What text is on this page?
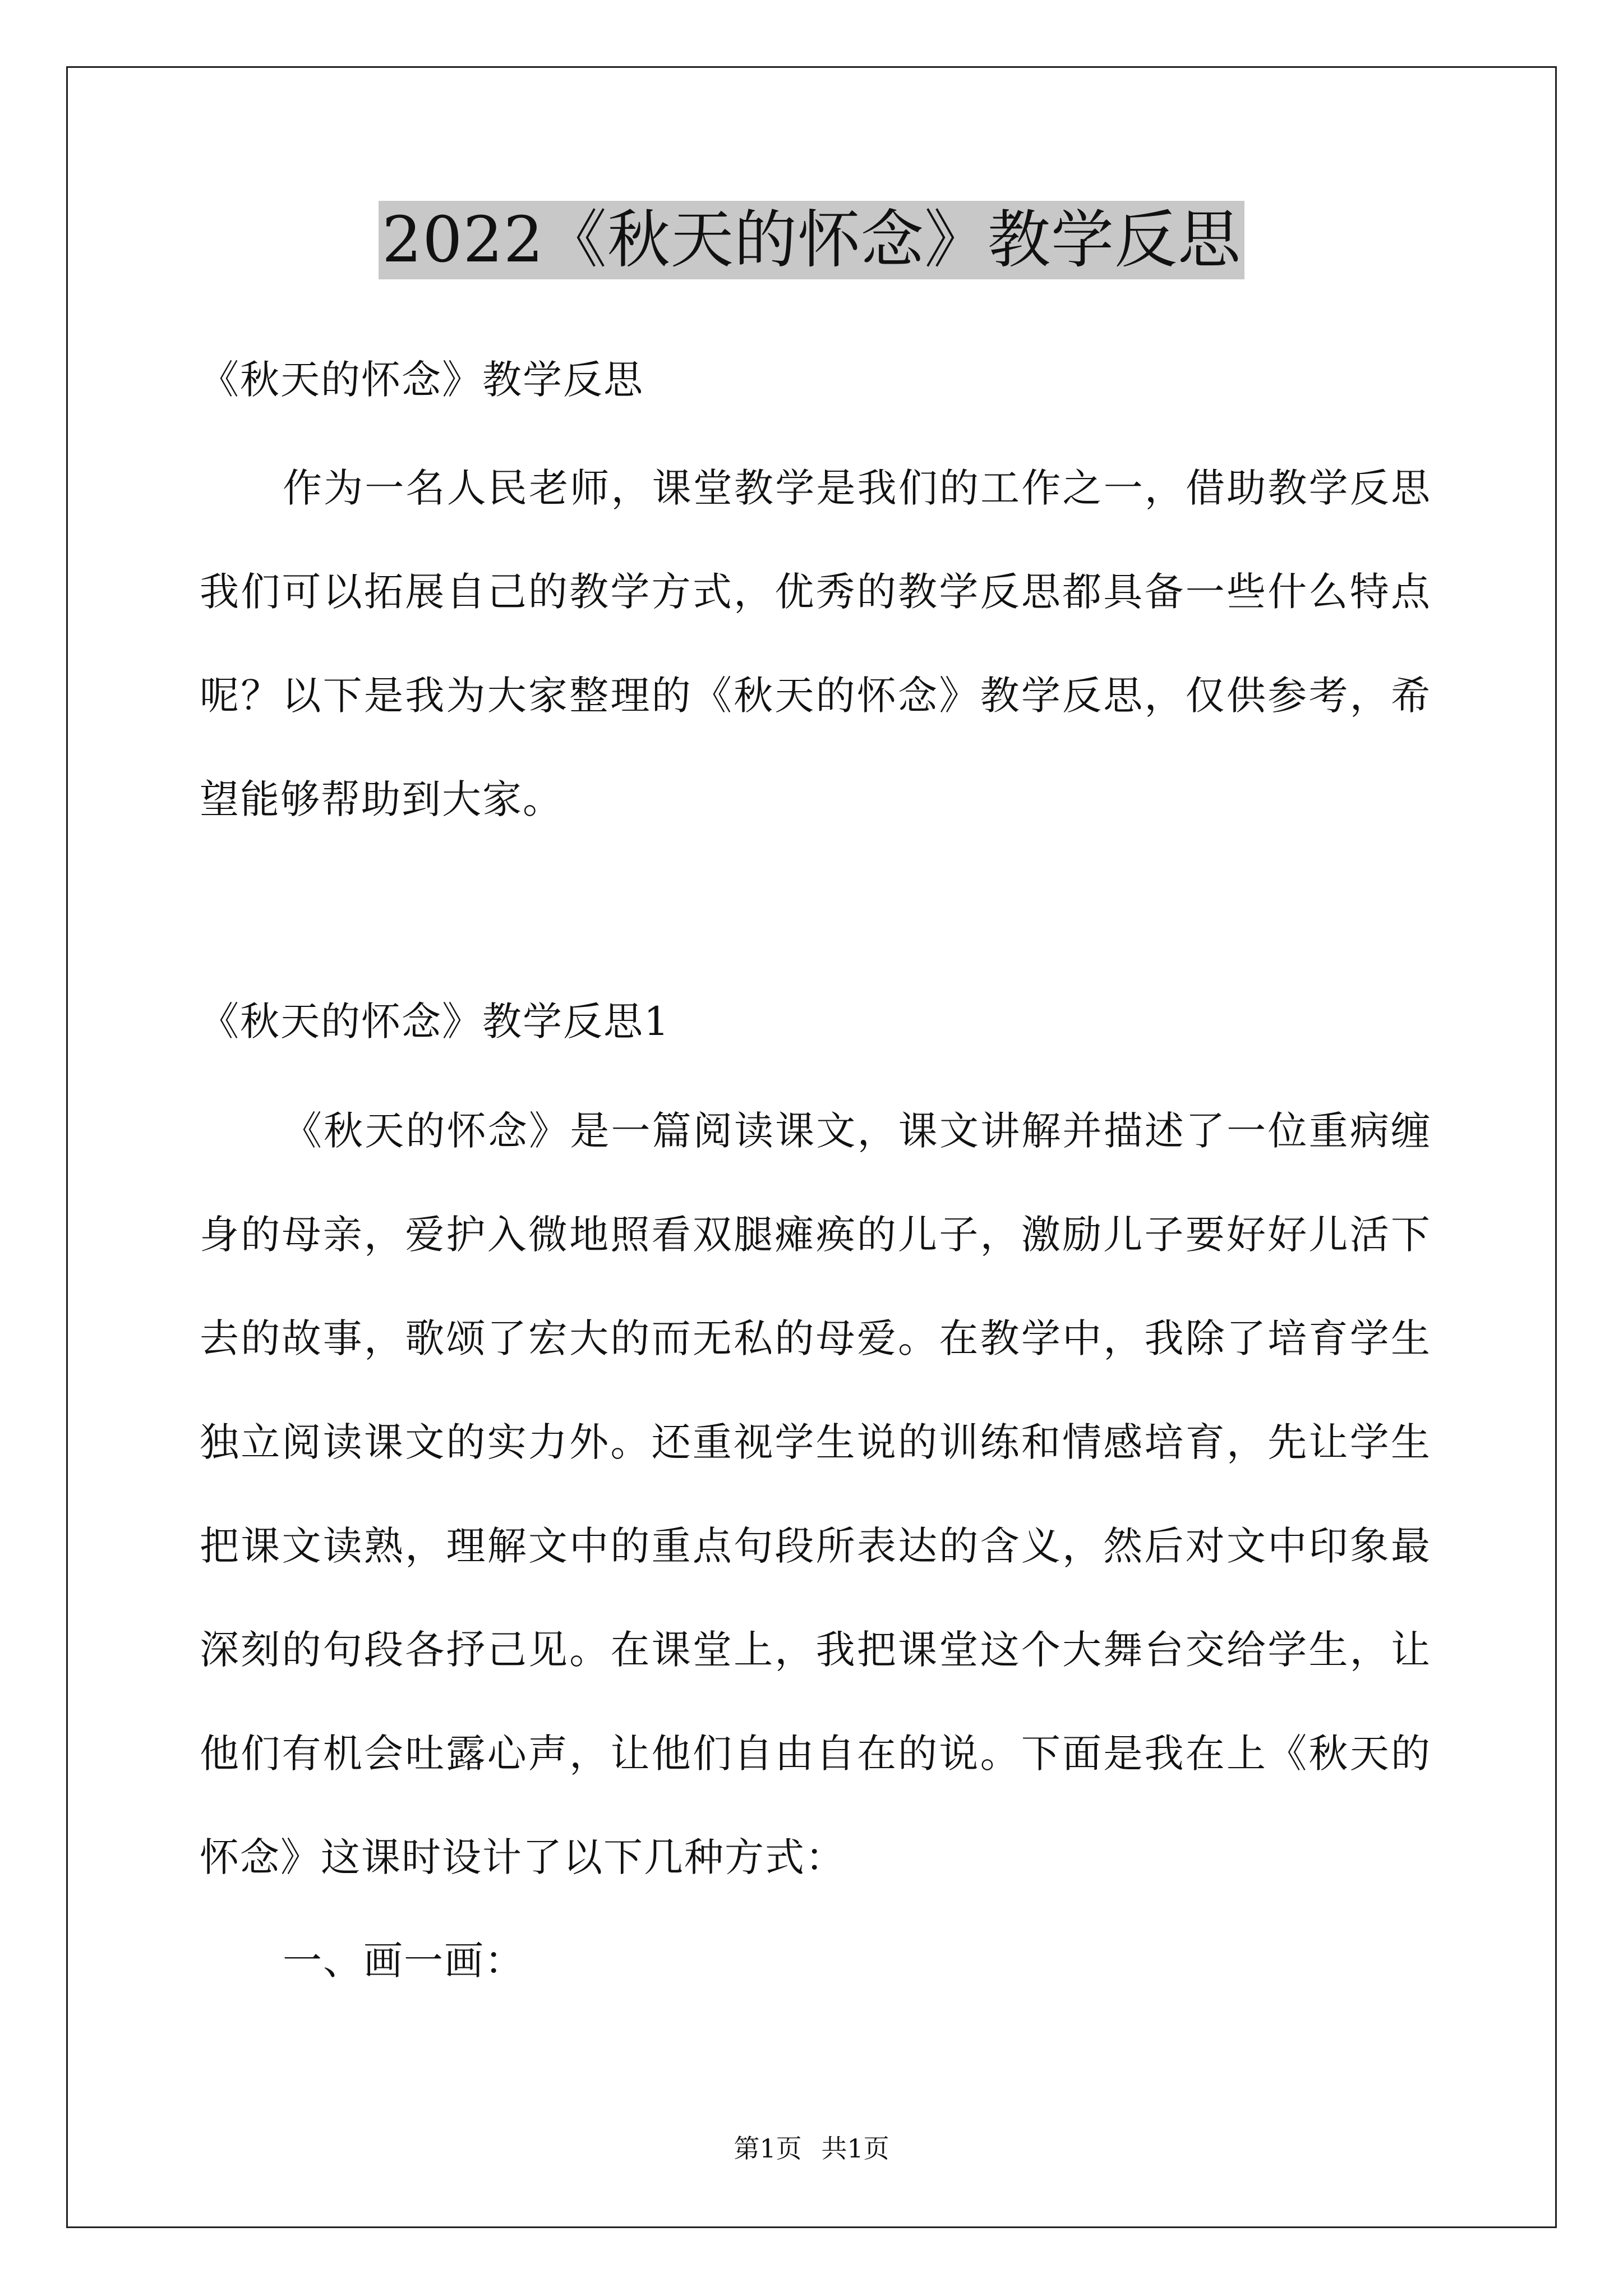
2022《秋天的怀念》教学反思

《秋天的怀念》教学反思

作为一名人民老师，课堂教学是我们的工作之一，借助教学反思我们可以拓展自己的教学方式，优秀的教学反思都具备一些什么特点呢？以下是我为大家整理的《秋天的怀念》教学反思，仅供参考，希望能够帮助到大家。

《秋天的怀念》教学反思1

《秋天的怀念》是一篇阅读课文，课文讲解并描述了一位重病缠身的母亲，爱护入微地照看双腿瘫痪的儿子，激励儿子要好好儿活下去的故事，歌颂了宏大的而无私的母爱。在教学中，我除了培育学生独立阅读课文的实力外。还重视学生说的训练和情感培育，先让学生把课文读熟，理解文中的重点句段所表达的含义，然后对文中印象最深刻的句段各抒己见。在课堂上，我把课堂这个大舞台交给学生，让他们有机会吐露心声，让他们自由自在的说。下面是我在上《秋天的怀念》这课时设计了以下几种方式：

一、画一画：

第1页 共1页
